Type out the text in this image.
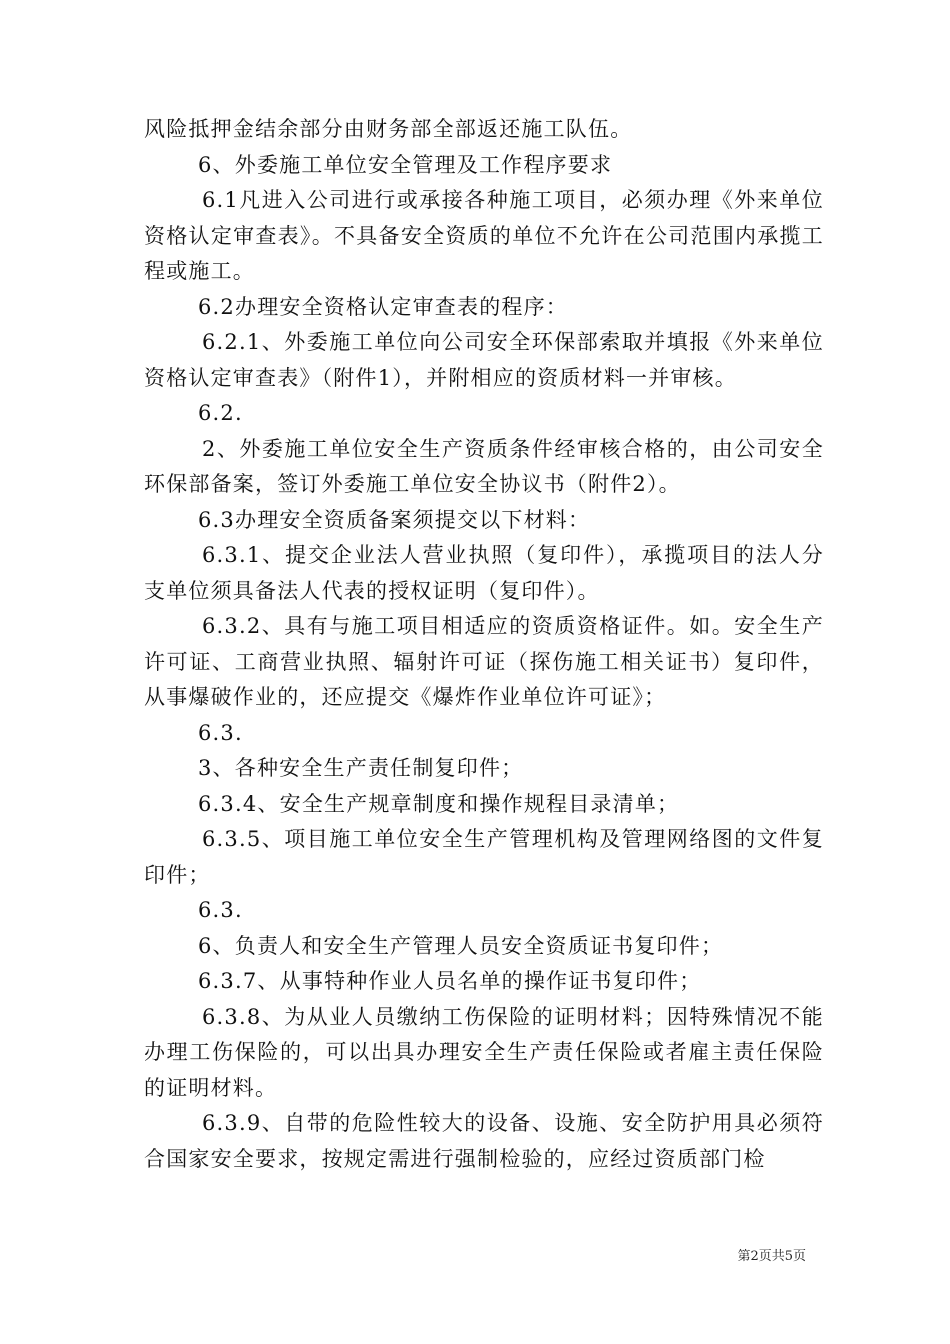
风险抵押金结余部分由财务部全部返还施工队伍。

6、外委施工单位安全管理及工作程序要求

6.1凡进入公司进行或承接各种施工项目，必须办理《外来单位资格认定审查表》。不具备安全资质的单位不允许在公司范围内承揽工程或施工。

6.2办理安全资格认定审查表的程序：

6.2.1、外委施工单位向公司安全环保部索取并填报《外来单位资格认定审查表》（附件1），并附相应的资质材料一并审核。

6.2.

2、外委施工单位安全生产资质条件经审核合格的，由公司安全环保部备案，签订外委施工单位安全协议书（附件2）。

6.3办理安全资质备案须提交以下材料：

6.3.1、提交企业法人营业执照（复印件），承揽项目的法人分支单位须具备法人代表的授权证明（复印件）。

6.3.2、具有与施工项目相适应的资质资格证件。如。安全生产许可证、工商营业执照、辐射许可证（探伤施工相关证书）复印件，从事爆破作业的，还应提交《爆炸作业单位许可证》；

6.3.

3、各种安全生产责任制复印件；

6.3.4、安全生产规章制度和操作规程目录清单；

6.3.5、项目施工单位安全生产管理机构及管理网络图的文件复印件；

6.3.

6、负责人和安全生产管理人员安全资质证书复印件；

6.3.7、从事特种作业人员名单的操作证书复印件；

6.3.8、为从业人员缴纳工伤保险的证明材料；因特殊情况不能办理工伤保险的，可以出具办理安全生产责任保险或者雇主责任保险的证明材料。

6.3.9、自带的危险性较大的设备、设施、安全防护用具必须符合国家安全要求，按规定需进行强制检验的，应经过资质部门检

第2页共5页
